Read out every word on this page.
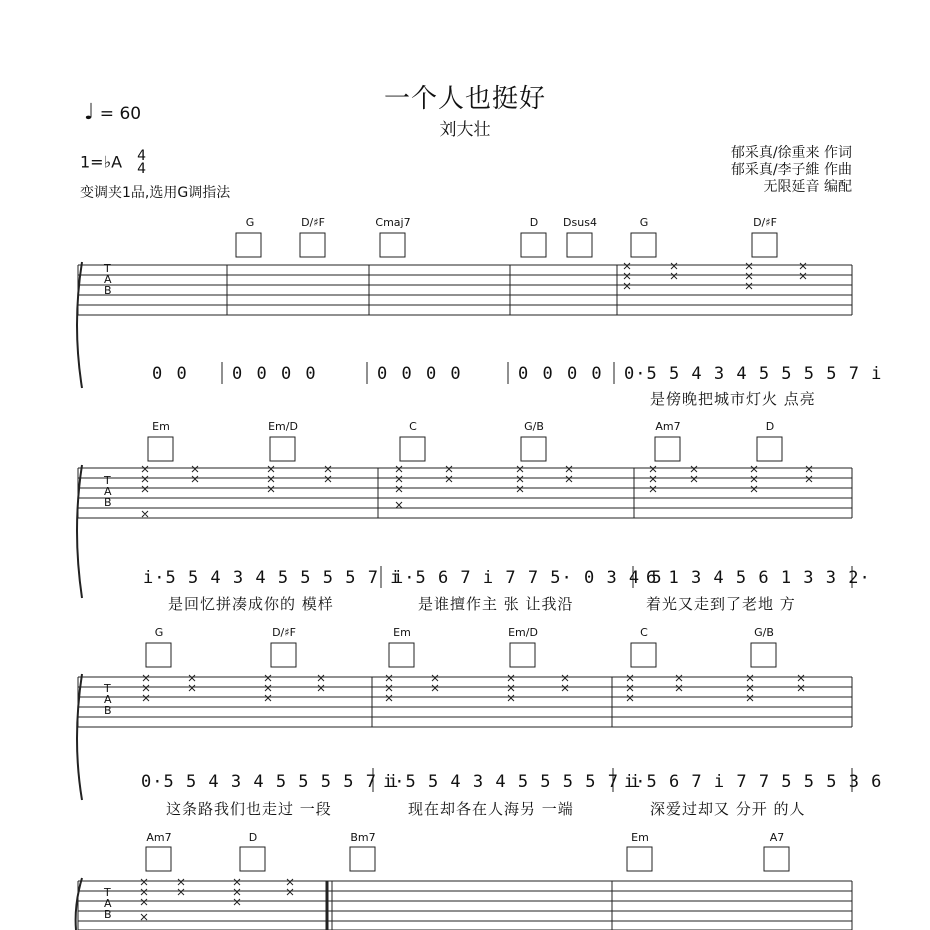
一个人也挺好
刘大壮
♩ = 60
1=♭A 4
4
变调夹1品,选用G调指法
郁采真/徐重来 作词
郁采真/李子維 作曲
无限延音 编配
G	D/♯F	Cmaj7	D	Dsus4	G	D/♯F
Em	Em/D	C	G/B	Am7	D
G	D/♯F	Em	Em/D	C	G/B
Am7	D	Bm7	Em	A7
T
A
B
T
A
B
T
A
B
T
A
B
0 0	0 0 0 0	0 0 0 0	0 0 0 0 0·5 5 4 3 4 5 5 5 5 7 i
是傍晚把城市灯火 点亮
i·5 5 4 3 4 5 5 5 5 7 i
i·5 6 7 i 7 7 5· 0 3 4 5
6 1 3 4 5 6 1 3 3 2·
是回忆拼凑成你的 模样	是谁擅作主 张 让我沿	着光又走到了老地 方
0·5 5 4 3 4 5 5 5 5 7 i
i·5 5 4 3 4 5 5 5 5 7 i
i·5 6 7 i 7 7 5 5 5 3 6
这条路我们也走过 一段	现在却各在人海另 一端	深爱过却又 分开 的人
